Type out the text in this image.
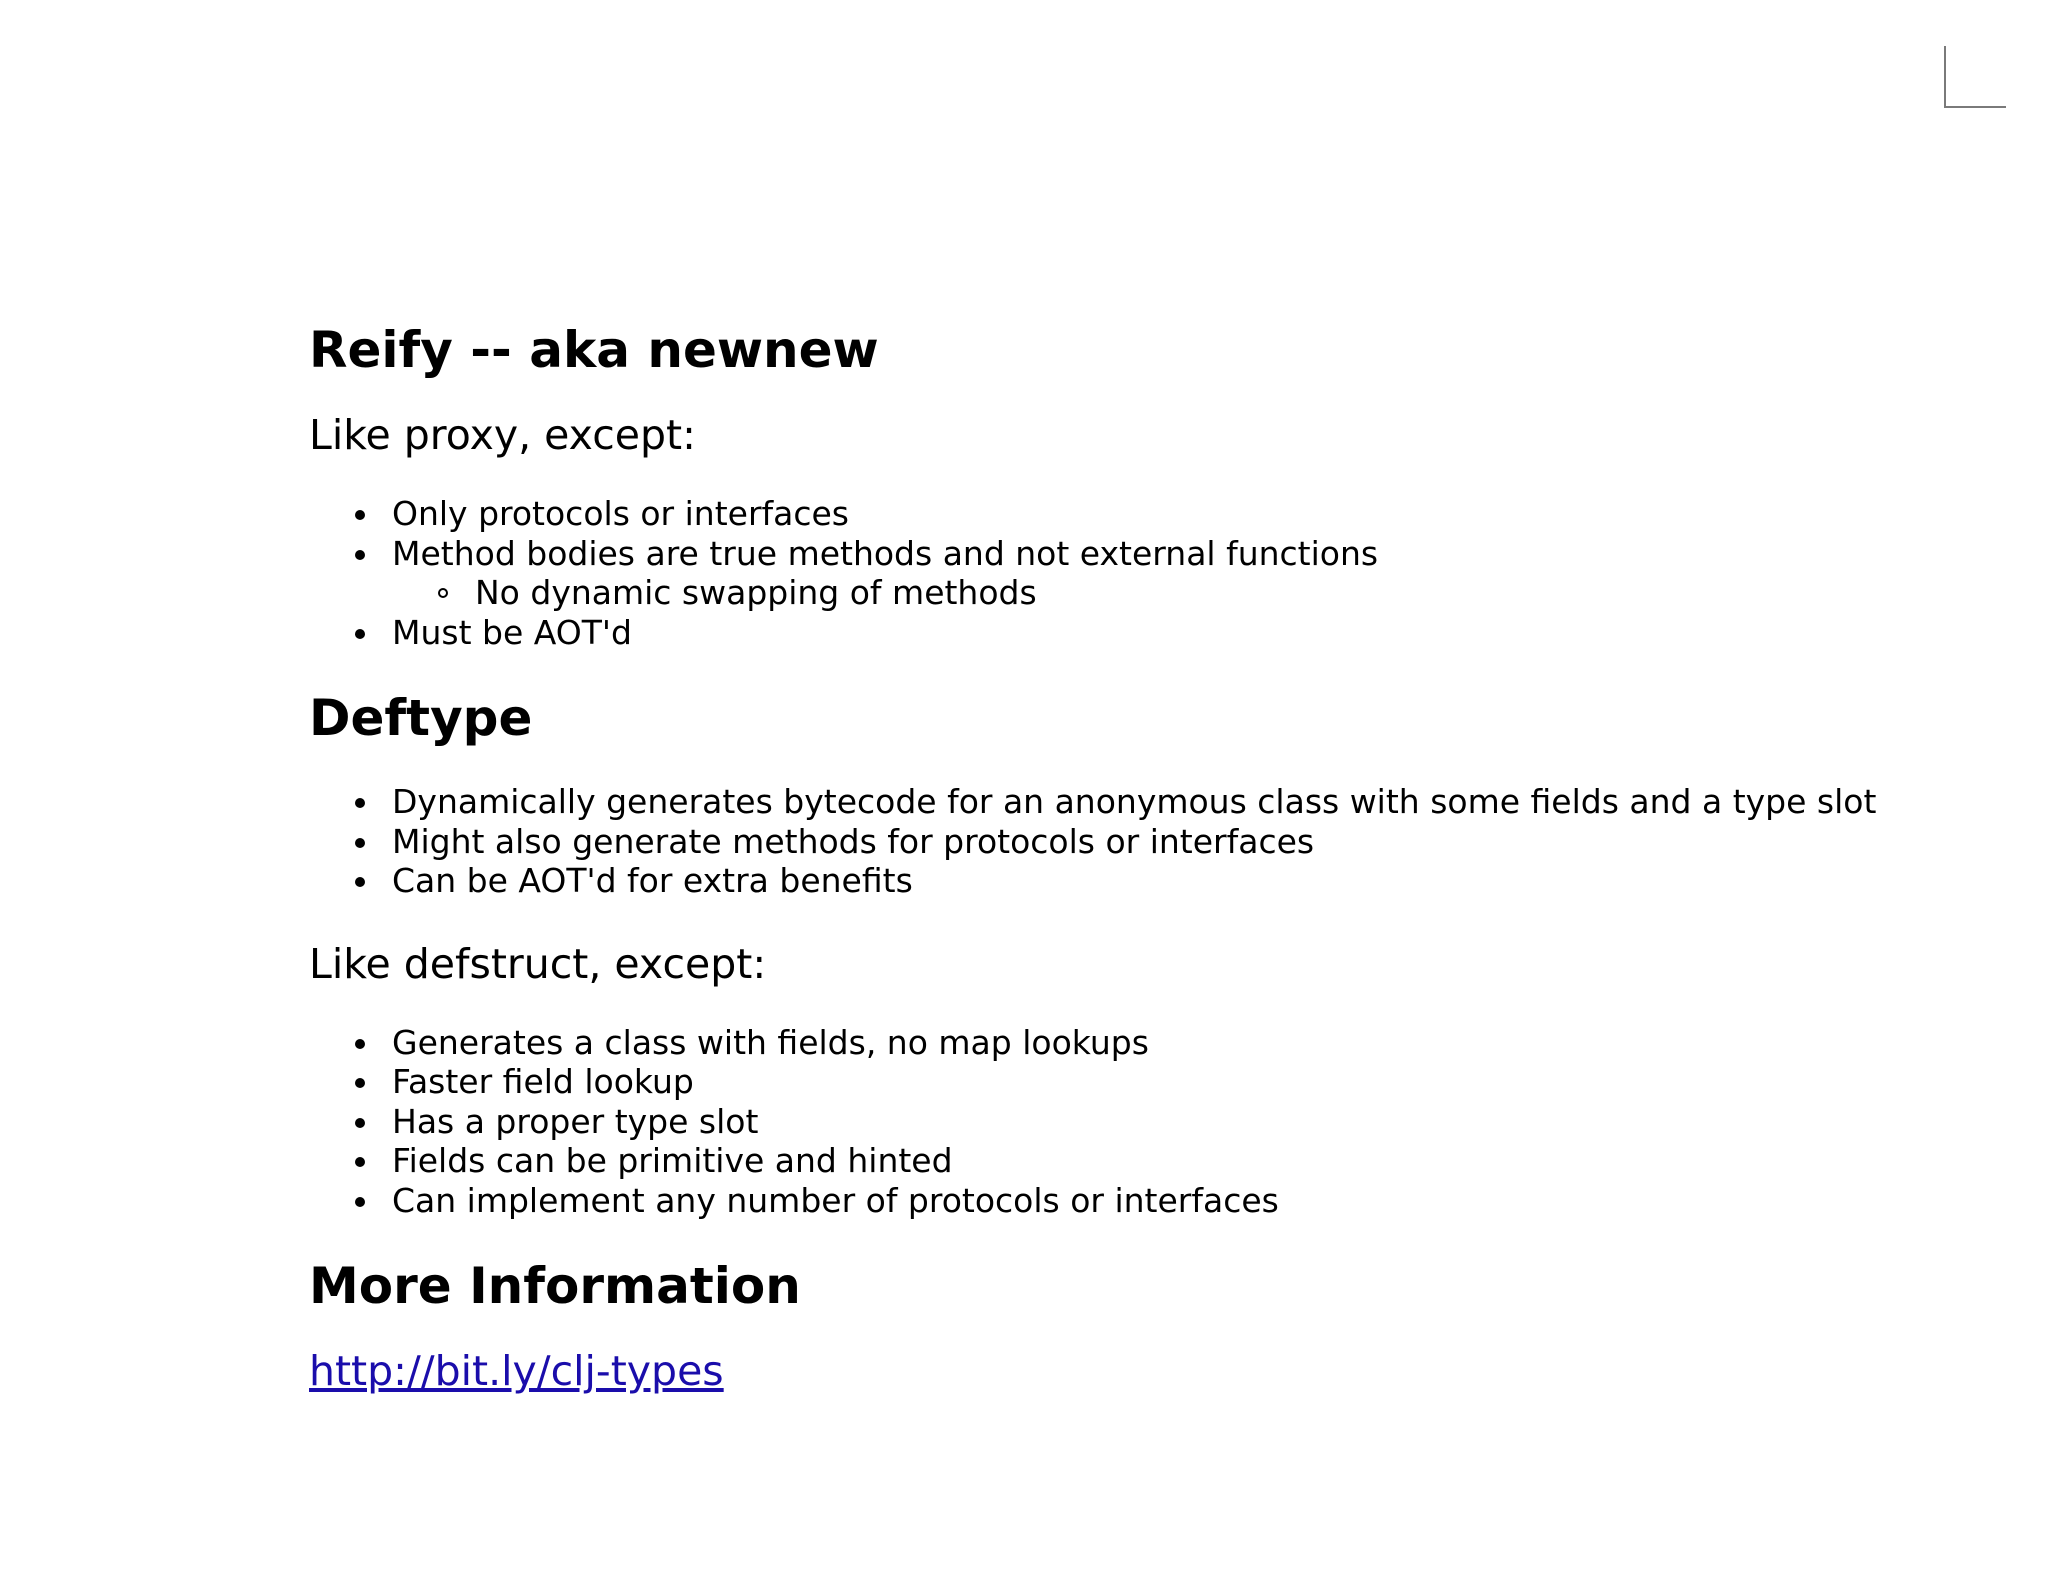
Reify -- aka newnew

Like proxy, except:

Only protocols or interfaces
Method bodies are true methods and not external functions
No dynamic swapping of methods
Must be AOT'd
Deftype
Dynamically generates bytecode for an anonymous class with some fields and a type slot
Might also generate methods for protocols or interfaces
Can be AOT'd for extra benefits

Like defstruct, except:

Generates a class with fields, no map lookups
Faster field lookup
Has a proper type slot
Fields can be primitive and hinted
Can implement any number of protocols or interfaces
More Information
http://bit.ly/clj-types
